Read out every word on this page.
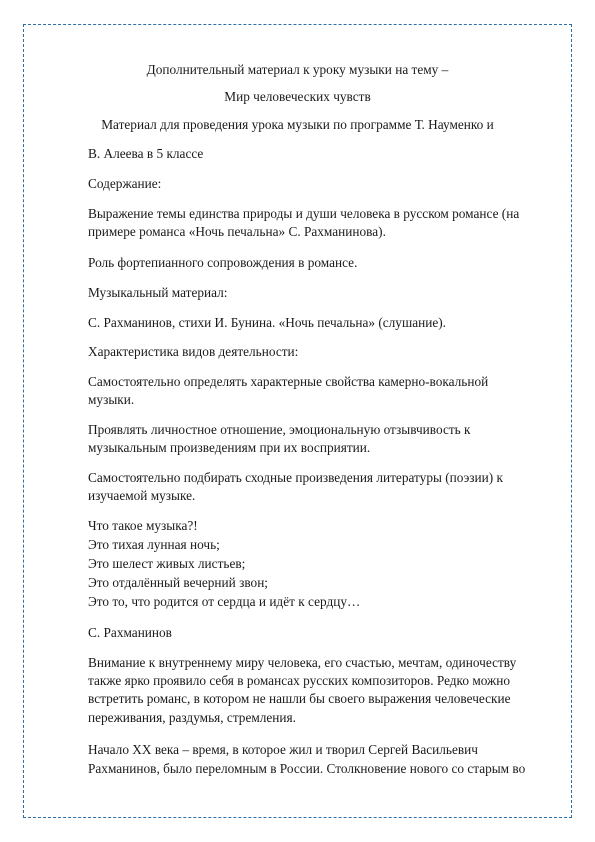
Дополнительный материал к уроку музыки на тему –
Мир человеческих чувств
Материал для проведения урока музыки по программе Т. Науменко и
В. Алеева в 5 классе
Содержание:
Выражение темы единства природы и души человека в русском романсе (на
примере романса «Ночь печальна» С. Рахманинова).
Роль фортепианного сопровождения в романсе.
Музыкальный материал:
С. Рахманинов, стихи И. Бунина. «Ночь печальна» (слушание).
Характеристика видов деятельности:
Самостоятельно определять характерные свойства камерно-вокальной
музыки.
Проявлять личностное отношение, эмоциональную отзывчивость к
музыкальным произведениям при их восприятии.
Самостоятельно подбирать сходные произведения литературы (поэзии) к
изучаемой музыке.
Что такое музыка?!
Это тихая лунная ночь;
Это шелест живых листьев;
Это отдалённый вечерний звон;
Это то, что родится от сердца и идёт к сердцу…
С. Рахманинов
Внимание к внутреннему миру человека, его счастью, мечтам, одиночеству
также ярко проявило себя в романсах русских композиторов. Редко можно
встретить романс, в котором не нашли бы своего выражения человеческие
переживания, раздумья, стремления.
Начало XX века – время, в которое жил и творил Сергей Васильевич
Рахманинов, было переломным в России. Столкновение нового со старым во
